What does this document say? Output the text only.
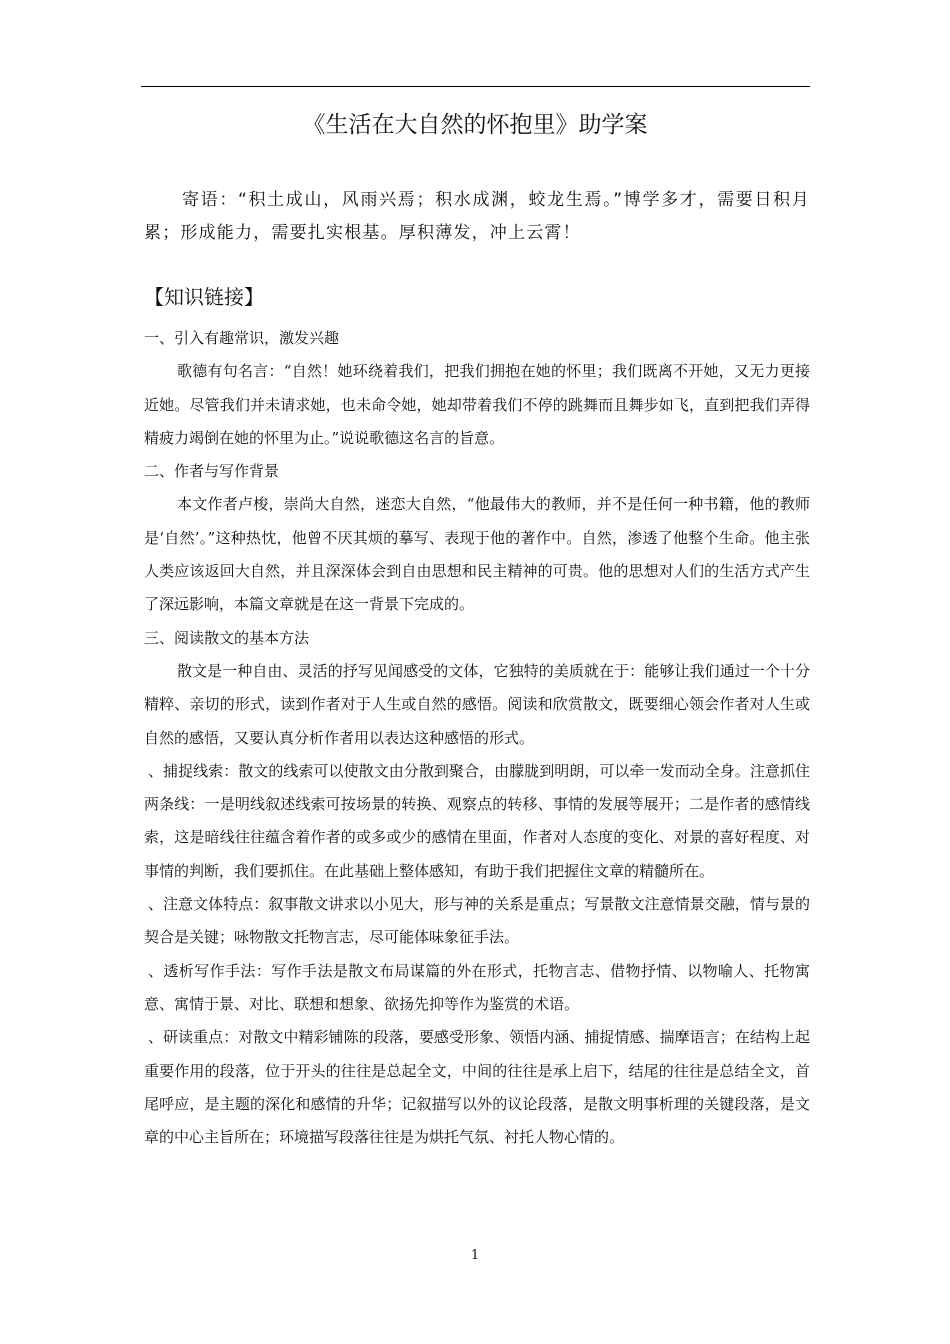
《生活在大自然的怀抱里》助学案
寄语：“积土成山，风雨兴焉；积水成渊，蛟龙生焉。”博学多才，需要日积月累；形成能力，需要扎实根基。厚积薄发，冲上云霄！
【知识链接】

一、引入有趣常识，激发兴趣

歌德有句名言：“自然！她环绕着我们，把我们拥抱在她的怀里；我们既离不开她，又无力更接近她。尽管我们并未请求她，也未命令她，她却带着我们不停的跳舞而且舞步如飞，直到把我们弄得精疲力竭倒在她的怀里为止。”说说歌德这名言的旨意。

二、作者与写作背景

本文作者卢梭，崇尚大自然，迷恋大自然，“他最伟大的教师，并不是任何一种书籍，他的教师是‘自然’。”这种热忱，他曾不厌其烦的摹写、表现于他的著作中。自然，渗透了他整个生命。他主张人类应该返回大自然，并且深深体会到自由思想和民主精神的可贵。他的思想对人们的生活方式产生了深远影响，本篇文章就是在这一背景下完成的。

三、阅读散文的基本方法

散文是一种自由、灵活的抒写见闻感受的文体，它独特的美质就在于：能够让我们通过一个十分精粹、亲切的形式，读到作者对于人生或自然的感悟。阅读和欣赏散文，既要细心领会作者对人生或自然的感悟，又要认真分析作者用以表达这种感悟的形式。

、捕捉线索：散文的线索可以使散文由分散到聚合，由朦胧到明朗，可以牵一发而动全身。注意抓住两条线：一是明线叙述线索可按场景的转换、观察点的转移、事情的发展等展开；二是作者的感情线索，这是暗线往往蕴含着作者的或多或少的感情在里面，作者对人态度的变化、对景的喜好程度、对事情的判断，我们要抓住。在此基础上整体感知，有助于我们把握住文章的精髓所在。

、注意文体特点：叙事散文讲求以小见大，形与神的关系是重点；写景散文注意情景交融，情与景的契合是关键；咏物散文托物言志，尽可能体味象征手法。

、透析写作手法：写作手法是散文布局谋篇的外在形式，托物言志、借物抒情、以物喻人、托物寓意、寓情于景、对比、联想和想象、欲扬先抑等作为鉴赏的术语。

、研读重点：对散文中精彩铺陈的段落，要感受形象、领悟内涵、捕捉情感、揣摩语言；在结构上起重要作用的段落，位于开头的往往是总起全文，中间的往往是承上启下，结尾的往往是总结全文，首尾呼应，是主题的深化和感情的升华；记叙描写以外的议论段落，是散文明事析理的关键段落，是文章的中心主旨所在；环境描写段落往往是为烘托气氛、衬托人物心情的。

1
